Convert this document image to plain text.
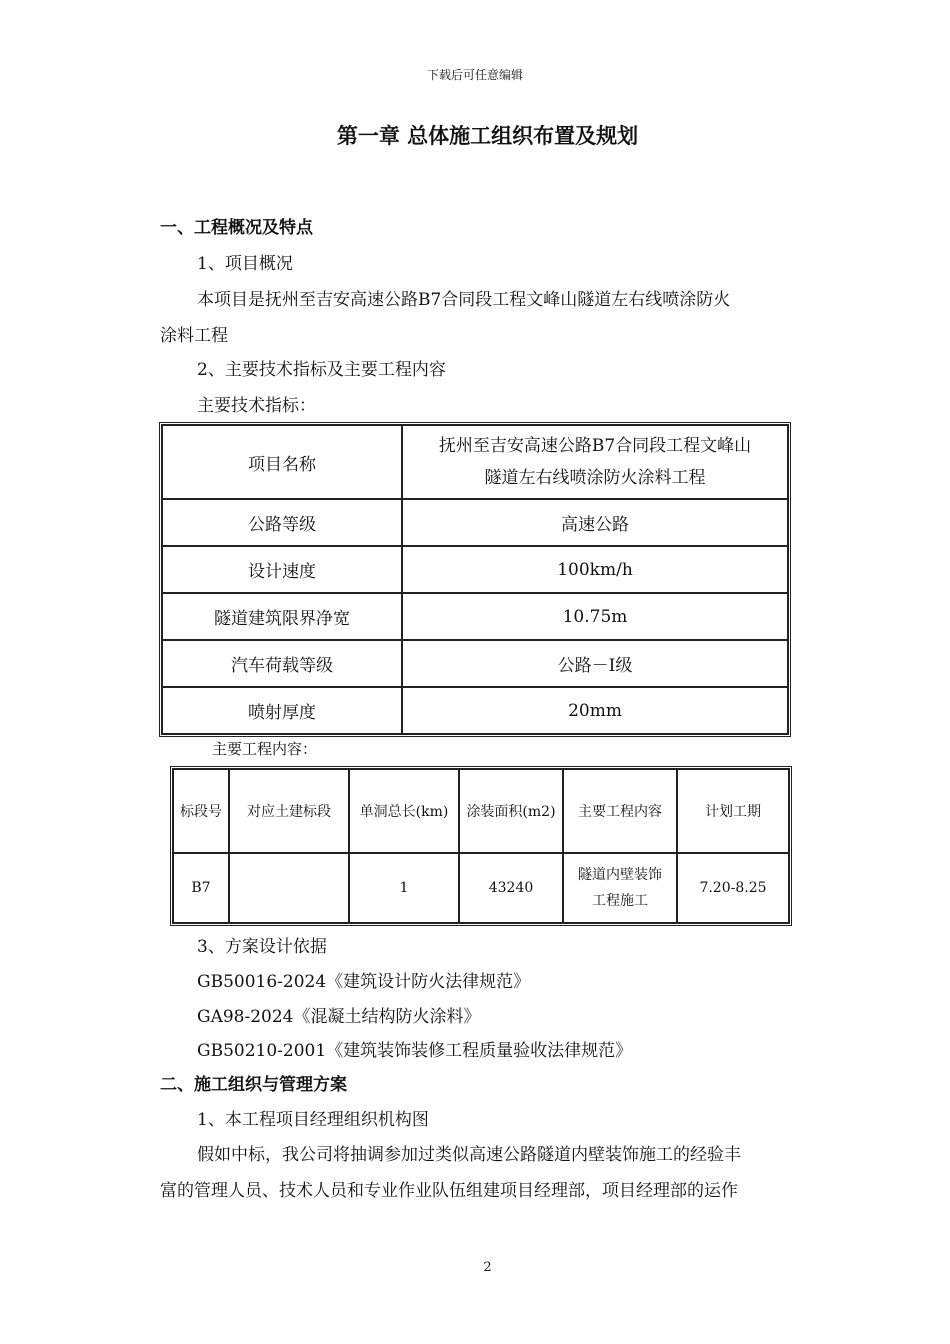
下载后可任意编辑
第一章 总体施工组织布置及规划
一、工程概况及特点
1、项目概况
本项目是抚州至吉安高速公路B7合同段工程文峰山隧道左右线喷涂防火
涂料工程
2、主要技术指标及主要工程内容
主要技术指标：
项目名称	抚州至吉安高速公路B7合同段工程文峰山
隧道左右线喷涂防火涂料工程

公路等级	高速公路
设计速度	100km/h
隧道建筑限界净宽	10.75m
汽车荷载等级	公路－I级
喷射厚度	20mm
主要工程内容：
标段号	对应土建标段	单洞总长(km)	涂装面积(m2)	主要工程内容	计划工期
B7		1	43240	隧道内壁装饰
工程施工	7.20-8.25
3、方案设计依据
GB50016-2024《建筑设计防火法律规范》
GA98-2024《混凝土结构防火涂料》
GB50210-2001《建筑装饰装修工程质量验收法律规范》
二、施工组织与管理方案
1、本工程项目经理组织机构图
假如中标，我公司将抽调参加过类似高速公路隧道内壁装饰施工的经验丰
富的管理人员、技术人员和专业作业队伍组建项目经理部，项目经理部的运作
2
